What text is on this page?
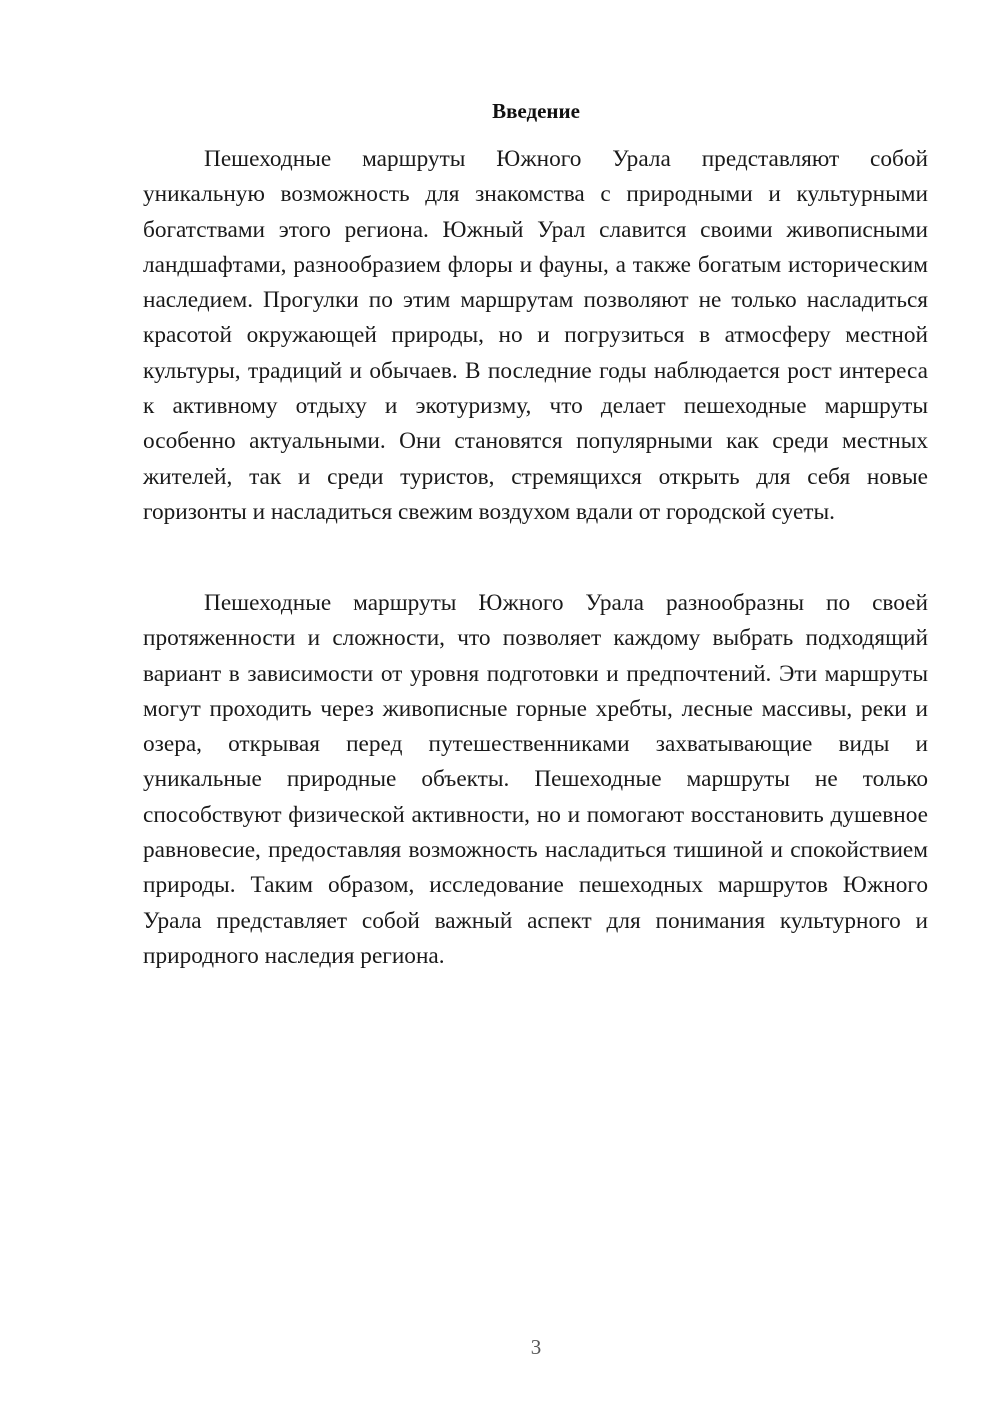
Введение

Пешеходные маршруты Южного Урала представляют собой уникальную возможность для знакомства с природными и культурными богатствами этого региона. Южный Урал славится своими живописными ландшафтами, разнообразием флоры и фауны, а также богатым историческим наследием. Прогулки по этим маршрутам позволяют не только насладиться красотой окружающей природы, но и погрузиться в атмосферу местной культуры, традиций и обычаев. В последние годы наблюдается рост интереса к активному отдыху и экотуризму, что делает пешеходные маршруты особенно актуальными. Они становятся популярными как среди местных жителей, так и среди туристов, стремящихся открыть для себя новые горизонты и насладиться свежим воздухом вдали от городской суеты.

Пешеходные маршруты Южного Урала разнообразны по своей протяженности и сложности, что позволяет каждому выбрать подходящий вариант в зависимости от уровня подготовки и предпочтений. Эти маршруты могут проходить через живописные горные хребты, лесные массивы, реки и озера, открывая перед путешественниками захватывающие виды и уникальные природные объекты. Пешеходные маршруты не только способствуют физической активности, но и помогают восстановить душевное равновесие, предоставляя возможность насладиться тишиной и спокойствием природы. Таким образом, исследование пешеходных маршрутов Южного Урала представляет собой важный аспект для понимания культурного и природного наследия региона.

3
